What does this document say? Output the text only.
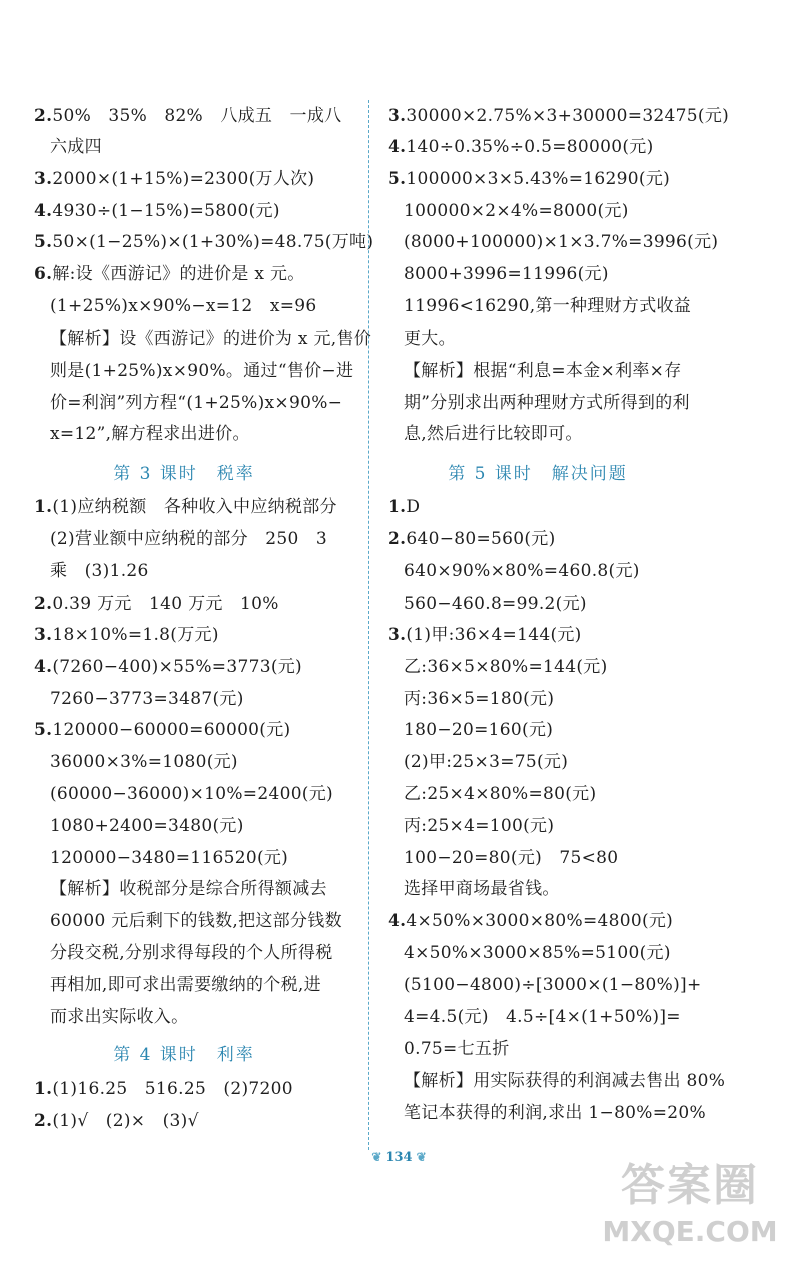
2.50%　35%　82%　八成五　一成八
六成四
3.2000×(1+15%)=2300(万人次)
4.4930÷(1−15%)=5800(元)
5.50×(1−25%)×(1+30%)=48.75(万吨)
6.解:设《西游记》的进价是 x 元。
(1+25%)x×90%−x=12　x=96
【解析】设《西游记》的进价为 x 元,售价
则是(1+25%)x×90%。通过“售价−进
价=利润”列方程“(1+25%)x×90%−
x=12”,解方程求出进价。
第 3 课时　税率
1.(1)应纳税额　各种收入中应纳税部分
(2)营业额中应纳税的部分　250　3
乘　(3)1.26
2.0.39 万元　140 万元　10%
3.18×10%=1.8(万元)
4.(7260−400)×55%=3773(元)
7260−3773=3487(元)
5.120000−60000=60000(元)
36000×3%=1080(元)
(60000−36000)×10%=2400(元)
1080+2400=3480(元)
120000−3480=116520(元)
【解析】收税部分是综合所得额减去
60000 元后剩下的钱数,把这部分钱数
分段交税,分别求得每段的个人所得税
再相加,即可求出需要缴纳的个税,进
而求出实际收入。
第 4 课时　利率
1.(1)16.25　516.25　(2)7200
2.(1)√　(2)×　(3)√
3.30000×2.75%×3+30000=32475(元)
4.140÷0.35%÷0.5=80000(元)
5.100000×3×5.43%=16290(元)
100000×2×4%=8000(元)
(8000+100000)×1×3.7%=3996(元)
8000+3996=11996(元)
11996<16290,第一种理财方式收益
更大。
【解析】根据“利息=本金×利率×存
期”分别求出两种理财方式所得到的利
息,然后进行比较即可。
第 5 课时　解决问题
1.D
2.640−80=560(元)
640×90%×80%=460.8(元)
560−460.8=99.2(元)
3.(1)甲:36×4=144(元)
乙:36×5×80%=144(元)
丙:36×5=180(元)
180−20=160(元)
(2)甲:25×3=75(元)
乙:25×4×80%=80(元)
丙:25×4=100(元)
100−20=80(元)　75<80
选择甲商场最省钱。
4.4×50%×3000×80%=4800(元)
4×50%×3000×85%=5100(元)
(5100−4800)÷[3000×(1−80%)]+
4=4.5(元)　4.5÷[4×(1+50%)]=
0.75=七五折
【解析】用实际获得的利润减去售出 80%
笔记本获得的利润,求出 1−80%=20%
❦ 134 ❦
答案圈
MXQE.COM
